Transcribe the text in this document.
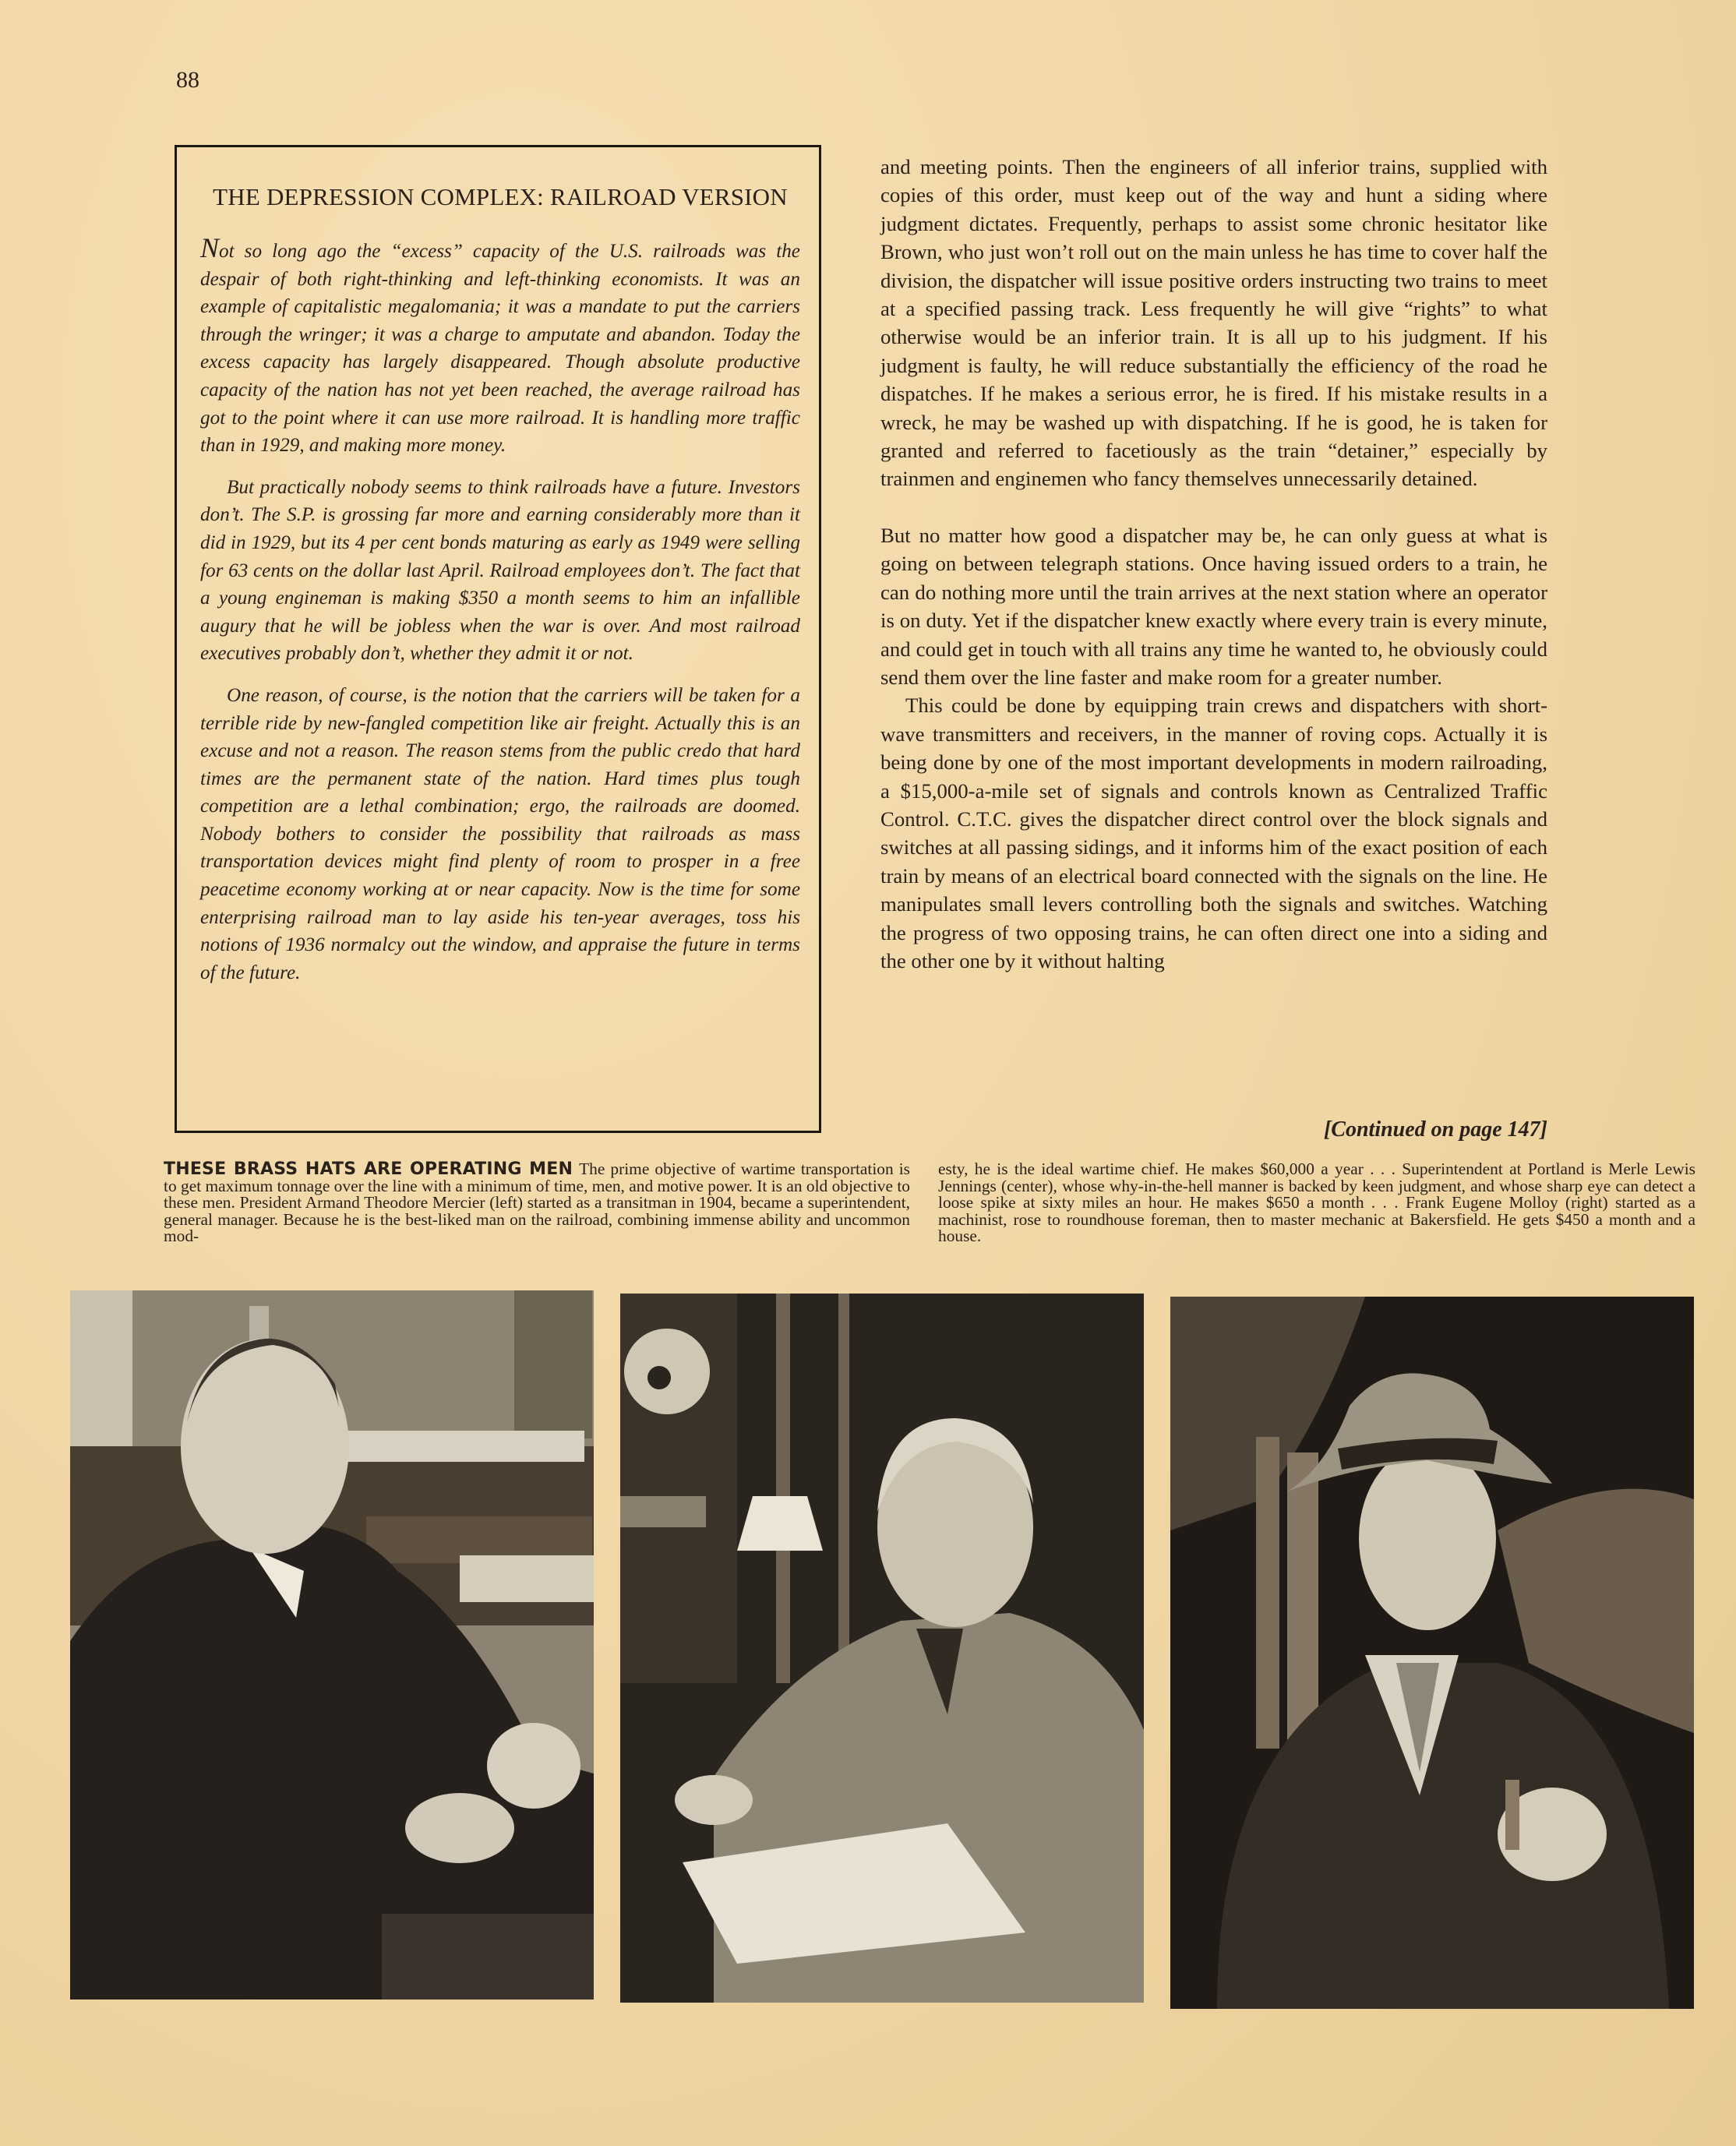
88
THE DEPRESSION COMPLEX: RAILROAD VERSION

Not so long ago the “excess” capacity of the U.S. railroads was the despair of both right-thinking and left-thinking economists. It was an example of capitalistic megalomania; it was a mandate to put the carriers through the wringer; it was a charge to amputate and abandon. Today the excess capacity has largely disappeared. Though absolute productive capacity of the nation has not yet been reached, the average railroad has got to the point where it can use more railroad. It is handling more traffic than in 1929, and making more money.

But practically nobody seems to think railroads have a future. Investors don’t. The S.P. is grossing far more and earning considerably more than it did in 1929, but its 4 per cent bonds maturing as early as 1949 were selling for 63 cents on the dollar last April. Railroad employees don’t. The fact that a young engineman is making $350 a month seems to him an infallible augury that he will be jobless when the war is over. And most railroad executives probably don’t, whether they admit it or not.

One reason, of course, is the notion that the carriers will be taken for a terrible ride by new-fangled competition like air freight. Actually this is an excuse and not a reason. The reason stems from the public credo that hard times are the permanent state of the nation. Hard times plus tough competition are a lethal combination; ergo, the railroads are doomed. Nobody bothers to consider the possibility that railroads as mass transportation devices might find plenty of room to prosper in a free peacetime economy working at or near capacity. Now is the time for some enterprising railroad man to lay aside his ten-year averages, toss his notions of 1936 normalcy out the window, and appraise the future in terms of the future.

and meeting points. Then the engineers of all inferior trains, supplied with copies of this order, must keep out of the way and hunt a siding where judgment dictates. Frequently, perhaps to assist some chronic hesitator like Brown, who just won’t roll out on the main unless he has time to cover half the division, the dispatcher will issue positive orders instructing two trains to meet at a specified passing track. Less frequently he will give “rights” to what otherwise would be an inferior train. It is all up to his judgment. If his judgment is faulty, he will reduce substantially the efficiency of the road he dispatches. If he makes a serious error, he is fired. If his mistake results in a wreck, he may be washed up with dispatching. If he is good, he is taken for granted and referred to facetiously as the train “detainer,” especially by trainmen and enginemen who fancy themselves unnecessarily detained.

But no matter how good a dispatcher may be, he can only guess at what is going on between telegraph stations. Once having issued orders to a train, he can do nothing more until the train arrives at the next station where an operator is on duty. Yet if the dispatcher knew exactly where every train is every minute, and could get in touch with all trains any time he wanted to, he obviously could send them over the line faster and make room for a greater number.

This could be done by equipping train crews and dispatchers with short-wave transmitters and receivers, in the manner of roving cops. Actually it is being done by one of the most important developments in modern railroading, a $15,000-a-mile set of signals and controls known as Centralized Traffic Control. C.T.C. gives the dispatcher direct control over the block signals and switches at all passing sidings, and it informs him of the exact position of each train by means of an electrical board connected with the signals on the line. He manipulates small levers controlling both the signals and switches. Watching the progress of two opposing trains, he can often direct one into a siding and the other one by it without halting

[Continued on page 147]
THESE BRASS HATS ARE OPERATING MEN The prime objective of wartime transportation is to get maximum tonnage over the line with a minimum of time, men, and motive power. It is an old objective to these men. President Armand Theodore Mercier (left) started as a transitman in 1904, became a superintendent, general manager. Because he is the best-liked man on the railroad, combining immense ability and uncommon mod-
esty, he is the ideal wartime chief. He makes $60,000 a year . . . Superintendent at Portland is Merle Lewis Jennings (center), whose why-in-the-hell manner is backed by keen judgment, and whose sharp eye can detect a loose spike at sixty miles an hour. He makes $650 a month . . . Frank Eugene Molloy (right) started as a machinist, rose to roundhouse foreman, then to master mechanic at Bakersfield. He gets $450 a month and a house.
